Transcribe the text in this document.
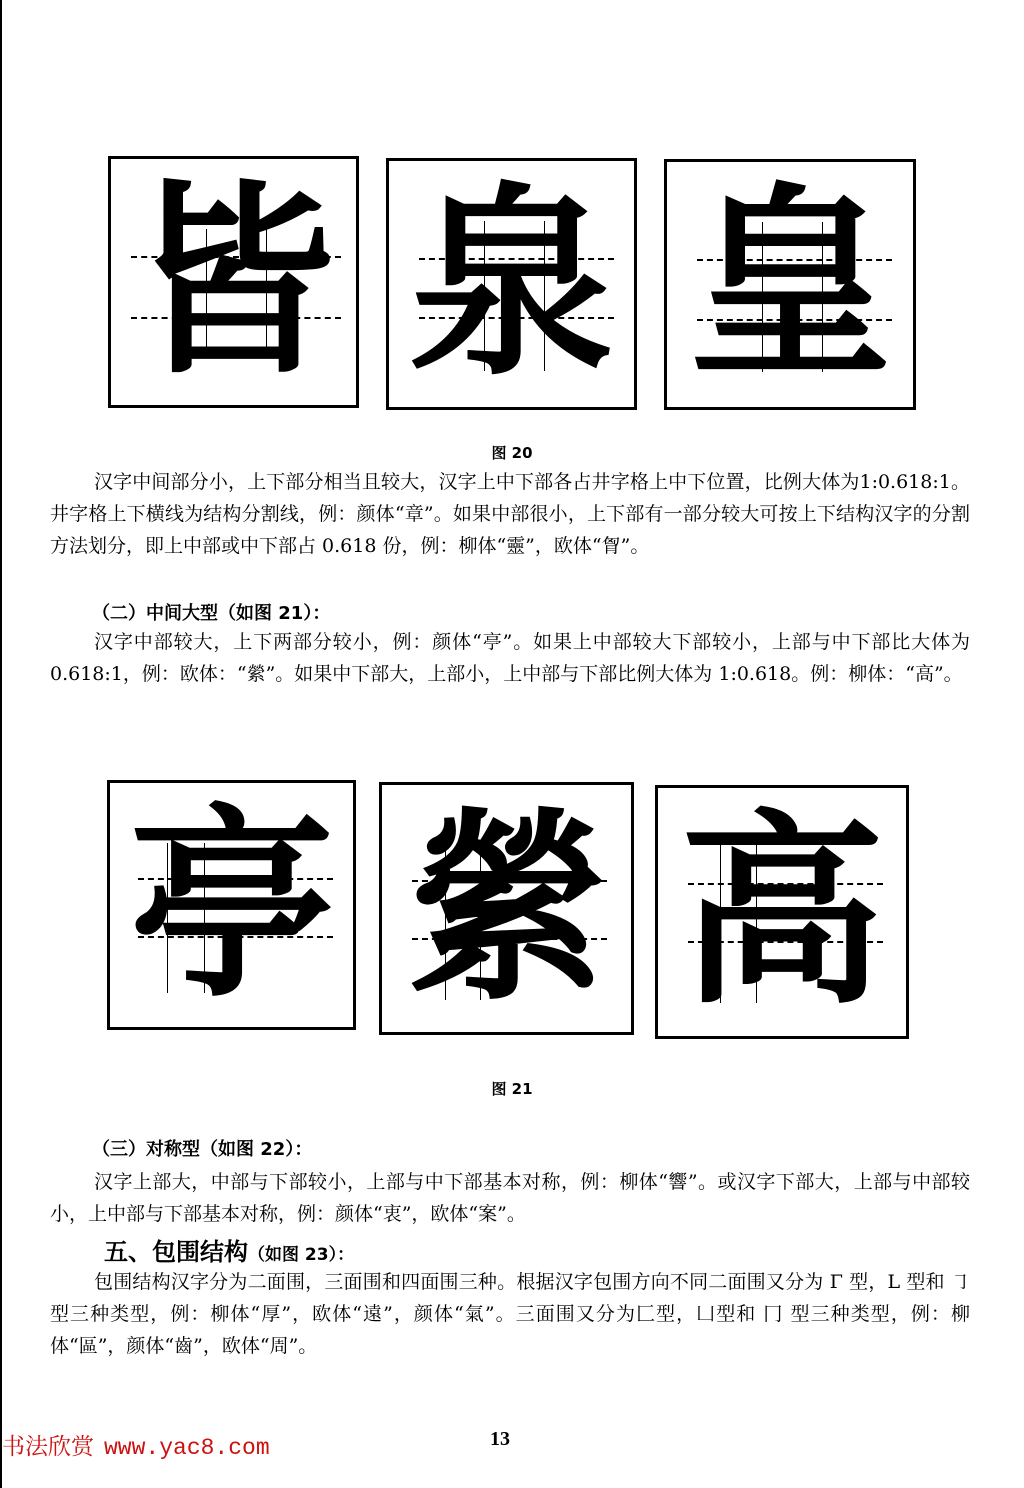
皆 泉 皇
图 20
汉字中间部分小，上下部分相当且较大，汉字上中下部各占井字格上中下位置，比例大体为1:0.618:1。井字格上下横线为结构分割线，例：颜体“章”。如果中部很小，上下部有一部分较大可按上下结构汉字的分割方法划分，即上中部或中下部占 0.618 份，例：柳体“靈”，欧体“胷”。
（二）中间大型（如图 21）：
汉字中部较大，上下两部分较小，例：颜体“亭”。如果上中部较大下部较小，上部与中下部比大体为 0.618:1，例：欧体：“縈”。如果中下部大，上部小，上中部与下部比例大体为 1:0.618。例：柳体：“高”。
亭 縈 高
图 21
（三）对称型（如图 22）：
汉字上部大，中部与下部较小，上部与中下部基本对称，例：柳体“響”。或汉字下部大，上部与中部较小，上中部与下部基本对称，例：颜体“衷”，欧体“案”。
五、包围结构（如图 23）：
包围结构汉字分为二面围，三面围和四面围三种。根据汉字包围方向不同二面围又分为 Γ 型，L 型和 ㇆ 型三种类型，例：柳体“厚”，欧体“遠”，颜体“氣”。三面围又分为匚型，凵型和 冂 型三种类型，例：柳体“區”，颜体“齒”，欧体“周”。
书法欣赏 www.yac8.com	13
